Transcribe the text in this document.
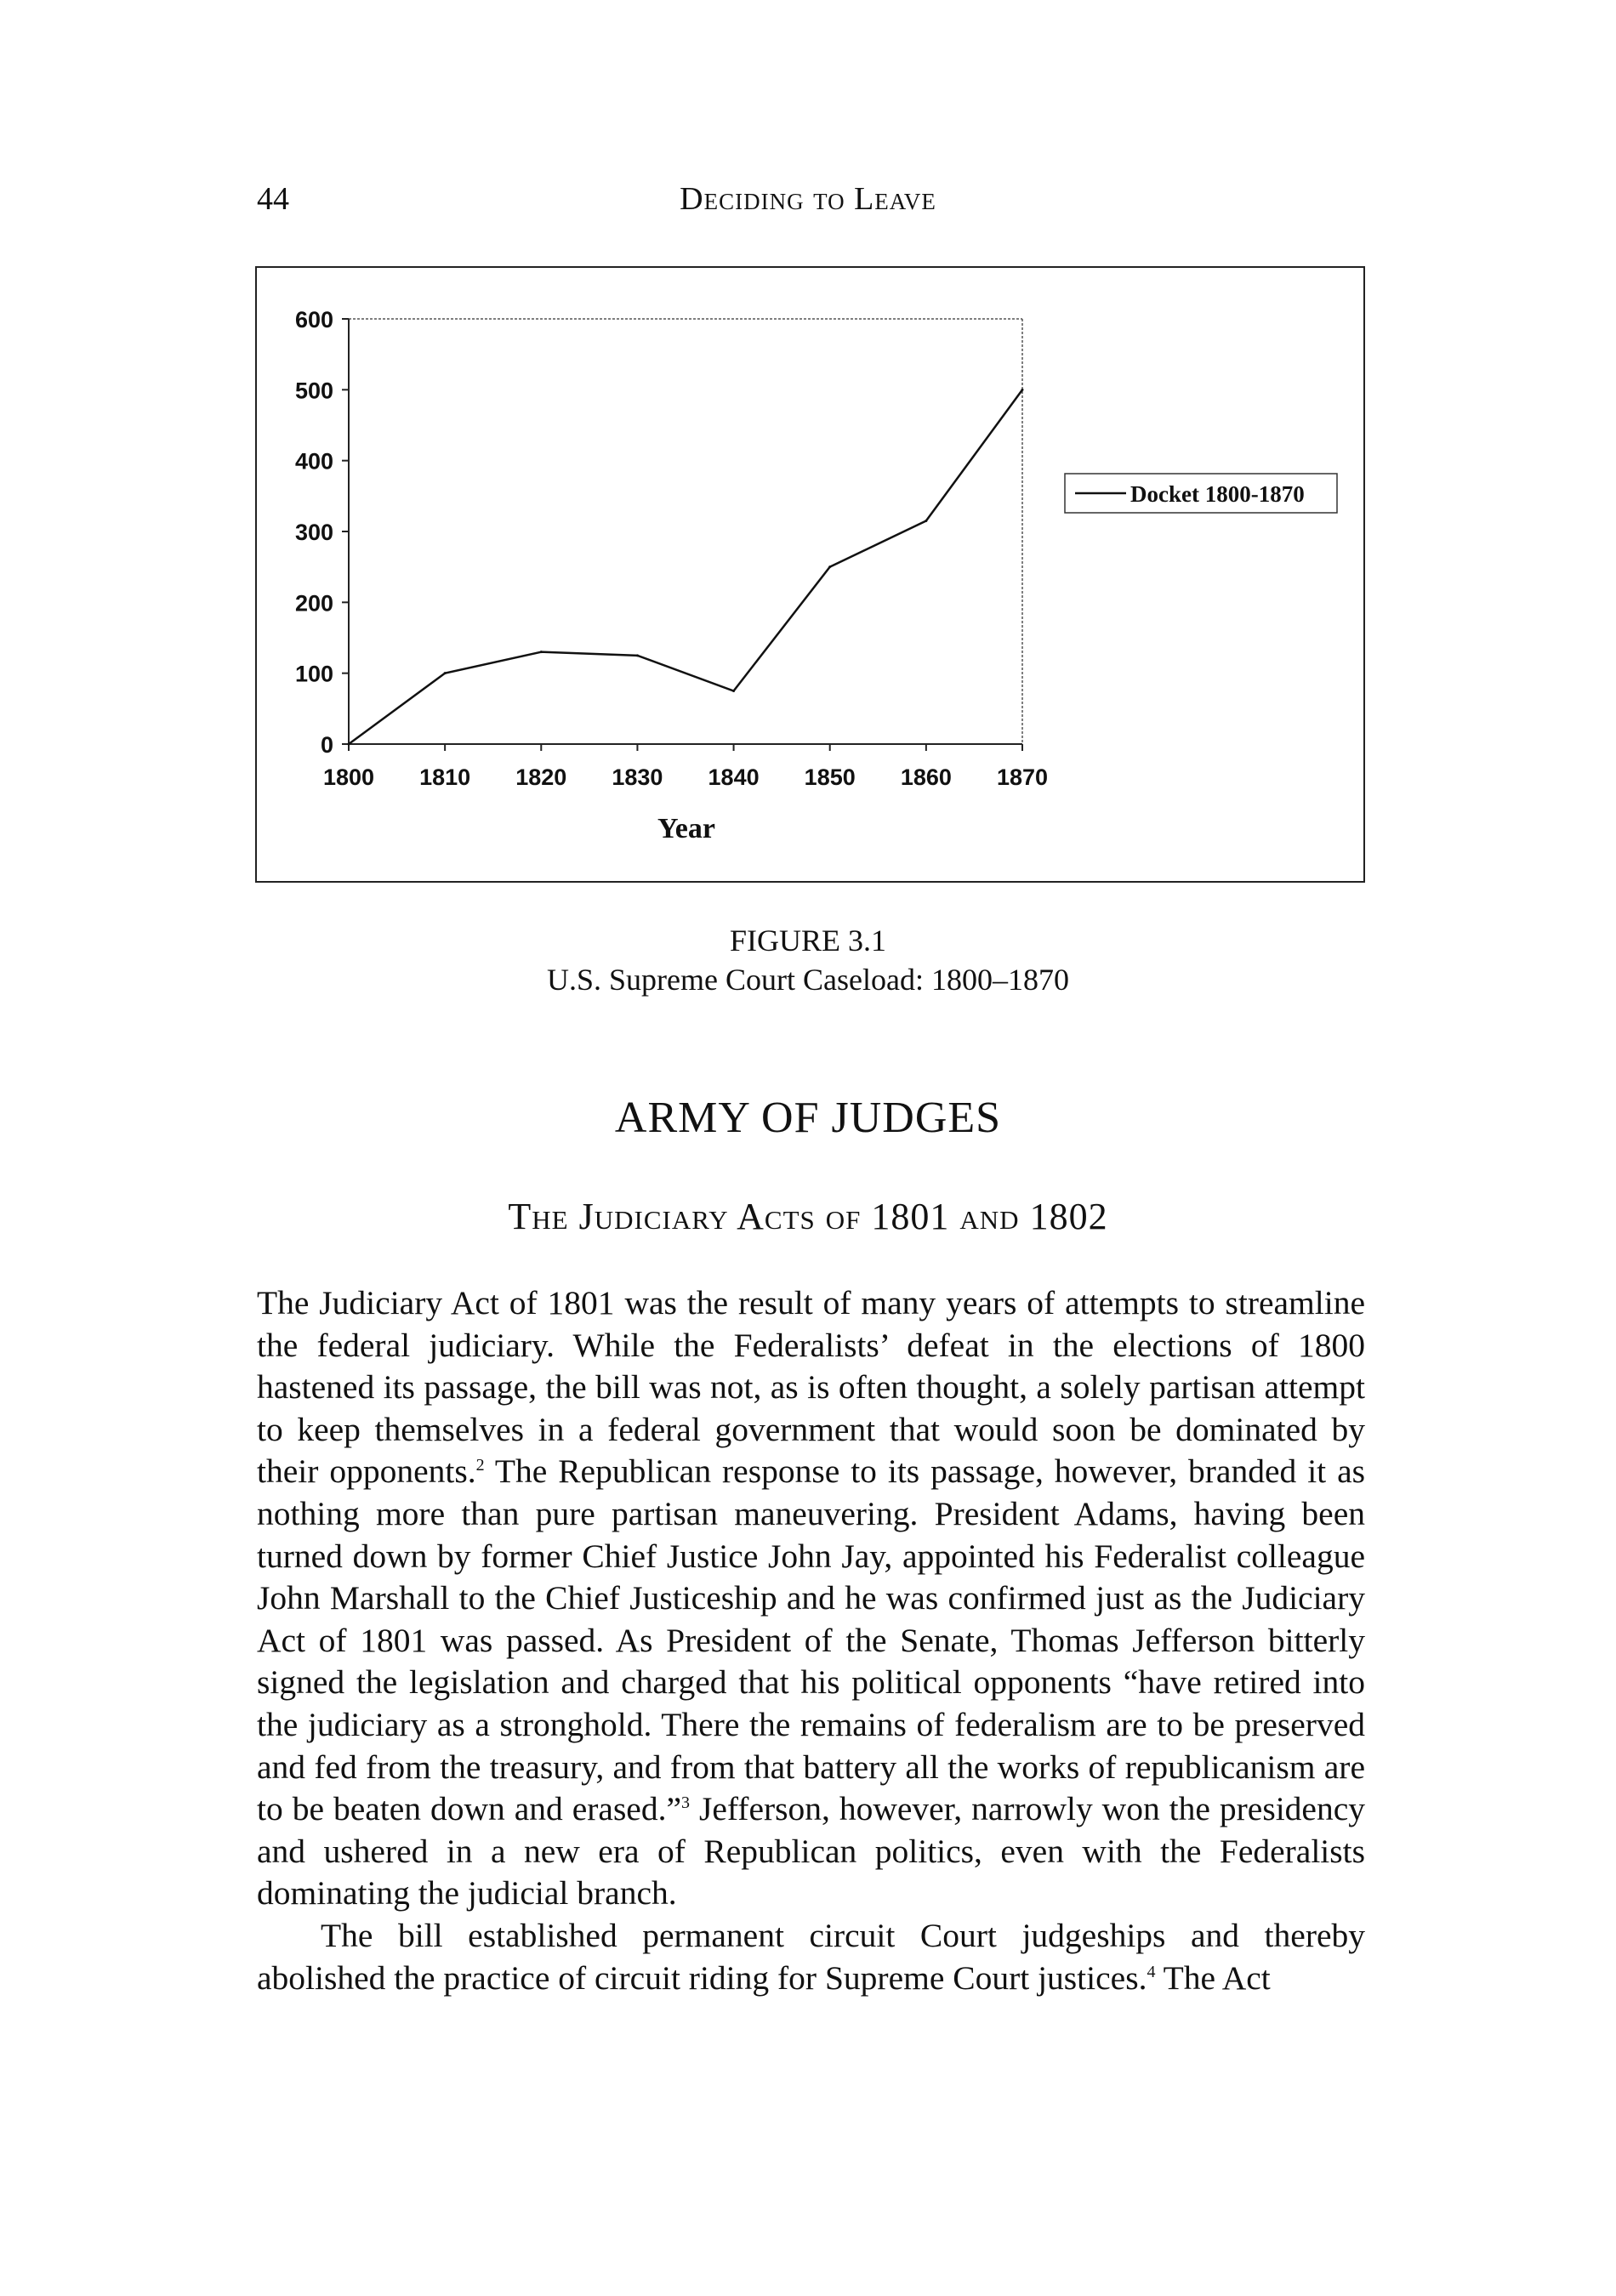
44	Deciding to Leave
0
100
200
300
400
500
600
1800 1810 1820 1830 1840 1850 1860 1870
Docket 1800-1870
Year
FIGURE 3.1
U.S. Supreme Court Caseload: 1800–1870
ARMY OF JUDGES
The Judiciary Acts of 1801 and 1802

The Judiciary Act of 1801 was the result of many years of attempts to streamline the federal judiciary. While the Federalists’ defeat in the elections of 1800 hastened its passage, the bill was not, as is often thought, a solely partisan attempt to keep themselves in a federal government that would soon be dominated by their opponents.$^2$ The Republican response to its passage, however, branded it as nothing more than pure partisan maneuvering. President Adams, having been turned down by former Chief Justice John Jay, appointed his Federalist colleague John Marshall to the Chief Justiceship and he was confirmed just as the Judiciary Act of 1801 was passed. As President of the Senate, Thomas Jefferson bitterly signed the legislation and charged that his political opponents “have retired into the judiciary as a stronghold. There the remains of federalism are to be preserved and fed from the treasury, and from that battery all the works of republicanism are to be beaten down and erased.”$^3$ Jefferson, however, narrowly won the presidency and ushered in a new era of Republican politics, even with the Federalists dominating the judicial branch.

The bill established permanent circuit Court judgeships and thereby abolished the practice of circuit riding for Supreme Court justices.$^4$ The Act
